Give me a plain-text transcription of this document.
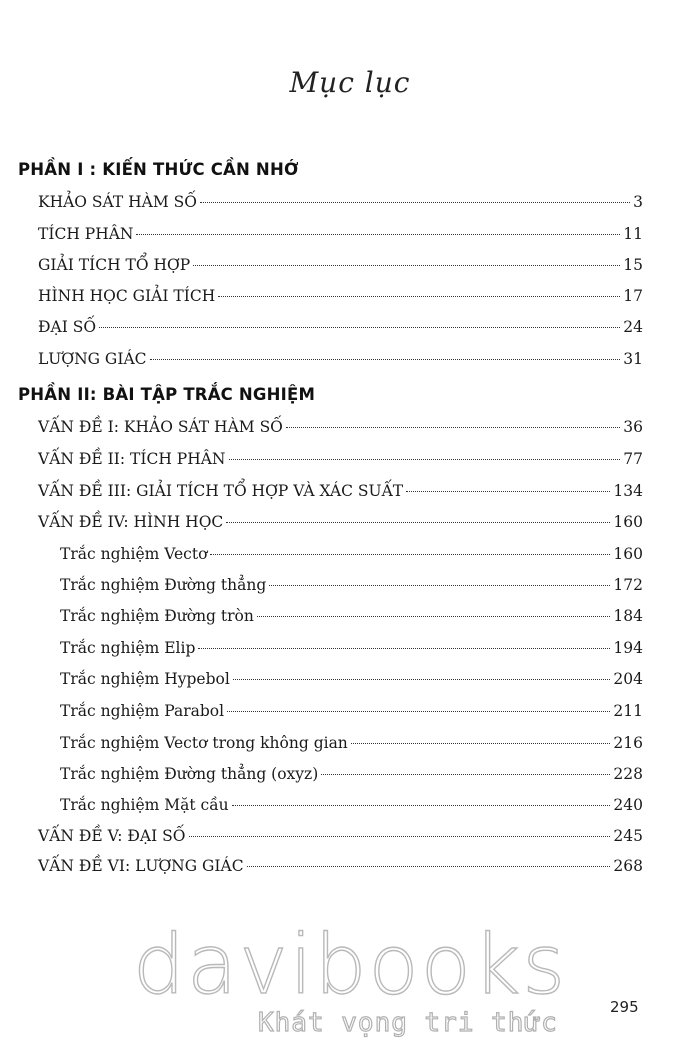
Mục lục
PHẦN I : KIẾN THỨC CẦN NHỚ
KHẢO SÁT HÀM SỐ	3
TÍCH PHÂN	11
GIẢI TÍCH TỔ HỢP	15
HÌNH HỌC GIẢI TÍCH	17
ĐẠI SỐ	24
LƯỢNG GIÁC	31
PHẦN II: BÀI TẬP TRẮC NGHIỆM
VẤN ĐỀ I: KHẢO SÁT HÀM SỐ	36
VẤN ĐỀ II: TÍCH PHÂN	77
VẤN ĐỀ III: GIẢI TÍCH TỔ HỢP VÀ XÁC SUẤT	134
VẤN ĐỀ IV: HÌNH HỌC	160
Trắc nghiệm Vectơ	160
Trắc nghiệm Đường thẳng	172
Trắc nghiệm Đường tròn	184
Trắc nghiệm Elip	194
Trắc nghiệm Hypebol	204
Trắc nghiệm Parabol	211
Trắc nghiệm Vectơ trong không gian	216
Trắc nghiệm Đường thẳng (oxyz)	228
Trắc nghiệm Mặt cầu	240
VẤN ĐỀ V: ĐẠI SỐ	245
VẤN ĐỀ VI: LƯỢNG GIÁC	268
davibooks
Khát vọng tri thức
295
